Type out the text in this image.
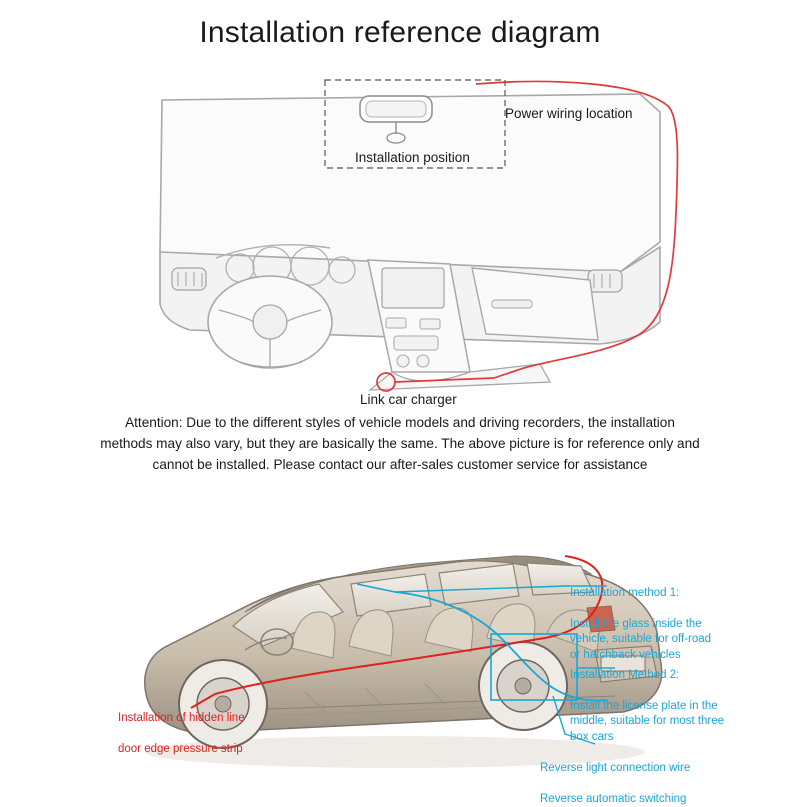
Installation reference diagram
Power wiring location
Installation position
Link car charger
Attention: Due to the different styles of vehicle models and driving recorders, the installation methods may also vary, but they are basically the same. The above picture is for reference only and cannot be installed. Please contact our after-sales customer service for assistance

Installation method 1:

Install the glass inside the vehicle, suitable for off-road or hatchback vehicles

Installation Method 2:

Install the license plate in the middle, suitable for most three box cars

Reverse light connection wire

Reverse automatic switching

Installation of hidden line

door edge pressure strip
